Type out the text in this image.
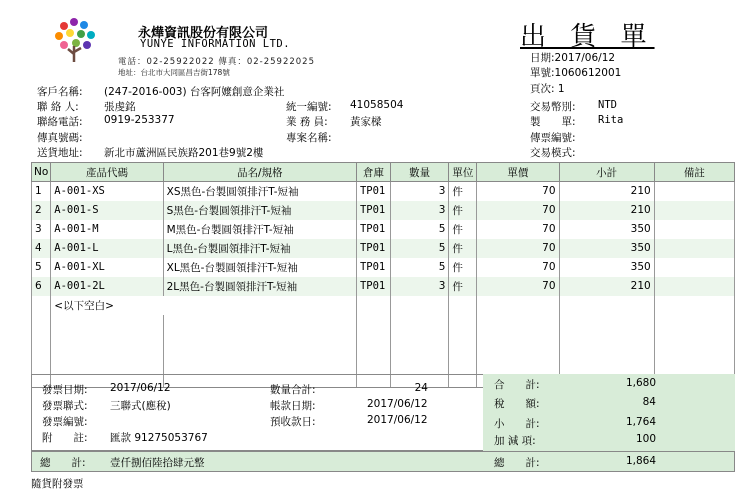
永燁資訊股份有限公司
YUNYE INFORMATION LTD.
電話：02-25922022 傳真：02-25922025
地址：台北市大同區昌吉街178號
出 貨 單
日期:2017/06/12
單號:1060612001
頁次: 1
客戶名稱: (247-2016-003) 台客阿嬤創意企業社
聯 絡 人: 張虔銘
聯絡電話: 0919-253377
傳真號碼:
送貨地址: 新北市蘆洲區民族路201巷9號2樓
統一編號: 41058504
業 務 員: 黃家樑
專案名稱:
交易幣別: NTD
製　　單: Rita
傳票編號:
交易模式:
No	產品代碼	品名/規格	倉庫	數量	單位	單價	小計	備註
1	A-001-XS	XS黑色-台製圓領排汗T-短袖	TP01	3	件	70	210	
2	A-001-S	S黑色-台製圓領排汗T-短袖	TP01	3	件	70	210	
3	A-001-M	M黑色-台製圓領排汗T-短袖	TP01	5	件	70	350	
4	A-001-L	L黑色-台製圓領排汗T-短袖	TP01	5	件	70	350	
5	A-001-XL	XL黑色-台製圓領排汗T-短袖	TP01	5	件	70	350	
6	A-001-2L	2L黑色-台製圓領排汗T-短袖	TP01	3	件	70	210	
	<以下空白>							

發票日期: 2017/06/12
發票聯式: 三聯式(應稅)
發票編號:
附　　註: 匯款 91275053767
數量合計:	24
帳款日期:	2017/06/12
預收款日:	2017/06/12
合　　計:	1,680
稅　　額:	84
小　　計:	1,764
加 減 項:	100
總　　計: 壹仟捌佰陸拾肆元整	總　　計:	1,864
隨貨附發票
